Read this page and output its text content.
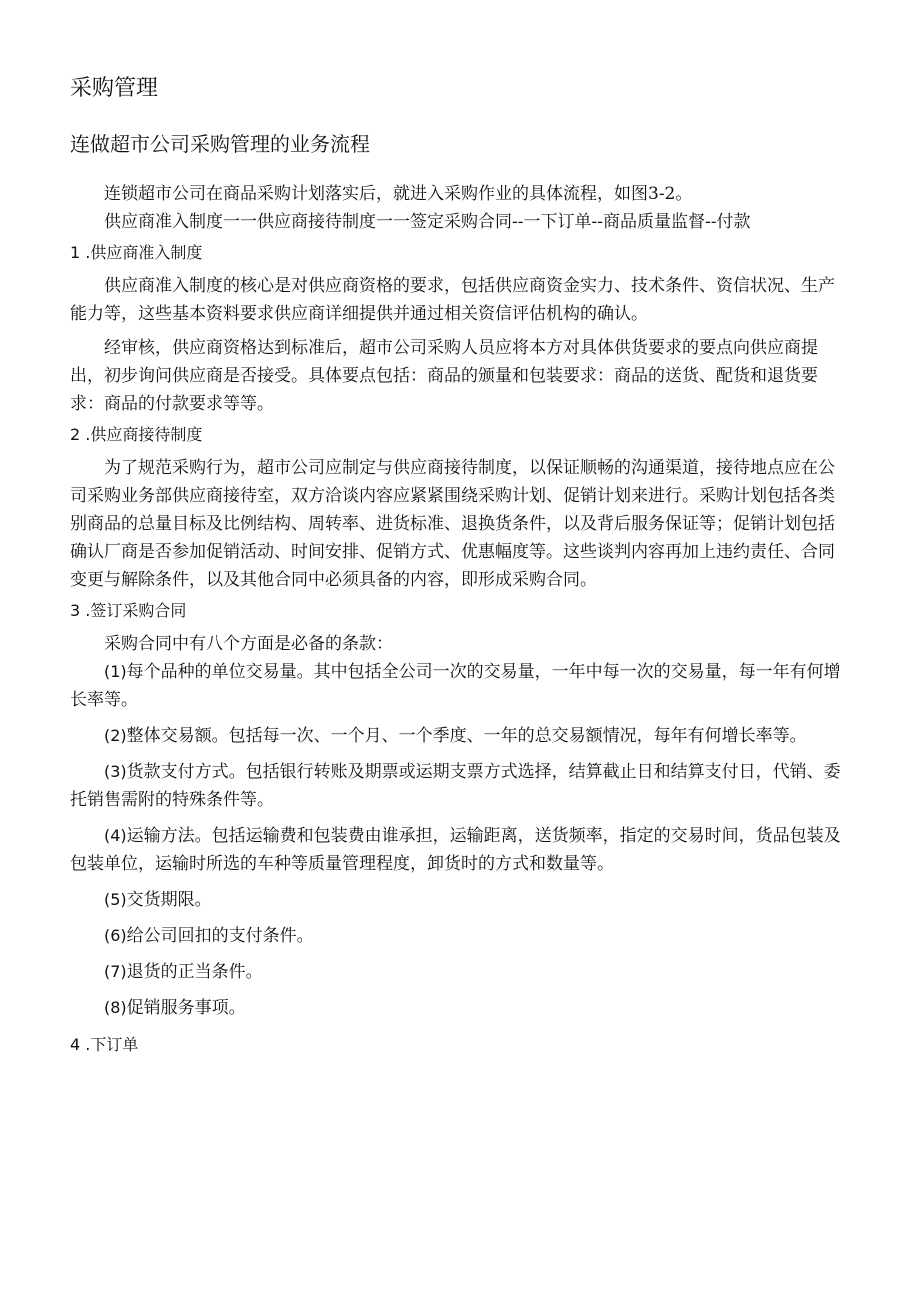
采购管理
连做超市公司采购管理的业务流程

连锁超市公司在商品采购计划落实后，就进入采购作业的具体流程，如图3-2。

供应商准入制度一一供应商接待制度一一签定采购合同--一下订单--商品质量监督--付款

1 .供应商准入制度

供应商准入制度的核心是对供应商资格的要求，包括供应商资金实力、技术条件、资信状况、生产能力等，这些基本资料要求供应商详细提供并通过相关资信评估机构的确认。

经审核，供应商资格达到标准后，超市公司采购人员应将本方对具体供货要求的要点向供应商提出，初步询问供应商是否接受。具体要点包括：商品的颁量和包装要求：商品的送货、配货和退货要求：商品的付款要求等等。

2 .供应商接待制度

为了规范采购行为，超市公司应制定与供应商接待制度，以保证顺畅的沟通渠道，接待地点应在公司采购业务部供应商接待室，双方洽谈内容应紧紧围绕采购计划、促销计划来进行。采购计划包括各类别商品的总量目标及比例结构、周转率、进货标准、退换货条件，以及背后服务保证等；促销计划包括确认厂商是否参加促销活动、时间安排、促销方式、优惠幅度等。这些谈判内容再加上违约责任、合同变更与解除条件，以及其他合同中必须具备的内容，即形成采购合同。

3 .签订采购合同

采购合同中有八个方面是必备的条款：

(1)每个品种的单位交易量。其中包括全公司一次的交易量，一年中每一次的交易量，每一年有何增长率等。

(2)整体交易额。包括每一次、一个月、一个季度、一年的总交易额情况，每年有何增长率等。

(3)货款支付方式。包括银行转账及期票或运期支票方式选择，结算截止日和结算支付日，代销、委托销售需附的特殊条件等。

(4)运输方法。包括运输费和包装费由谁承担，运输距离，送货频率，指定的交易时间，货品包装及包装单位，运输时所选的车种等质量管理程度，卸货时的方式和数量等。

(5)交货期限。

(6)给公司回扣的支付条件。

(7)退货的正当条件。

(8)促销服务事项。

4 .下订单
